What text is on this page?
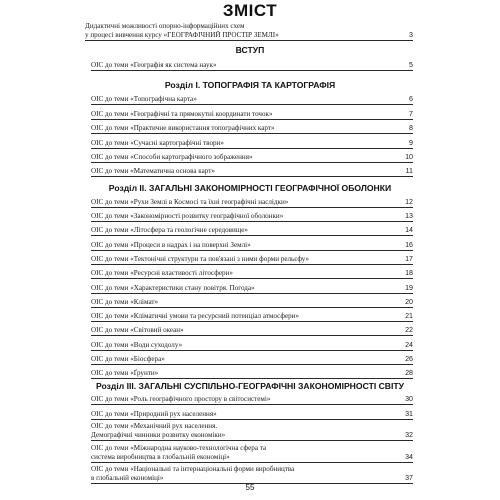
ЗМІСТ
Дидактичні можливості опорно-інформаційних схем
у процесі вивчення курсу «ГЕОГРАФІЧНИЙ ПРОСТІР ЗЕМЛІ»	3
ВСТУП
ОІС до теми «Географія як система наук»	5
Розділ І. ТОПОГРАФІЯ ТА КАРТОГРАФІЯ
ОІС до теми «Топографічна карта»	6
ОІС до теми «Географічні та прямокутні координати точок»	7
ОІС до теми «Практичне використання топографічних карт»	8
ОІС до теми «Сучасні картографічні твори»	9
ОІС до теми «Способи картографічного зображення»	10
ОІС до теми «Математична основа карт»	11
Розділ ІІ. ЗАГАЛЬНІ ЗАКОНОМІРНОСТІ ГЕОГРАФІЧНОЇ ОБОЛОНКИ
ОІС до теми «Рухи Землі в Космосі та їхні географічні наслідки»	12
ОІС до теми «Закономірності розвитку географічної оболонки»	13
ОІС до теми «Літосфера та геологічне середовище»	14
ОІС до теми «Процеси в надрах і на поверхні Землі»	16
ОІС до теми «Тектонічні структури та пов'язані з ними форми рельєфу»	17
ОІС до теми «Ресурсні властивості літосфери»	18
ОІС до теми «Характеристики стану повітря. Погода»	19
ОІС до теми «Клімат»	20
ОІС до теми «Кліматичні умови та ресурсний потенціал атмосфери»	21
ОІС до теми «Світовий океан»	22
ОІС до теми «Води суходолу»	24
ОІС до теми «Біосфера»	26
ОІС до теми «Ґрунти»	28
Розділ ІІІ. ЗАГАЛЬНІ СУСПІЛЬНО-ГЕОГРАФІЧНІ ЗАКОНОМІРНОСТІ СВІТУ
ОІС до теми «Роль географічного простору в світосистемі»	30
ОІС до теми «Природний рух населення»	31
ОІС до теми «Механічний рух населення.
Демографічні чинники розвитку економіки»	32
ОІС до теми «Міжнародна науково-технологічна сфера та
система виробництва в глобальній економіці»	34
ОІС до теми «Національні та інтернаціональні форми виробництва
в глобальній економіці»	37
55
